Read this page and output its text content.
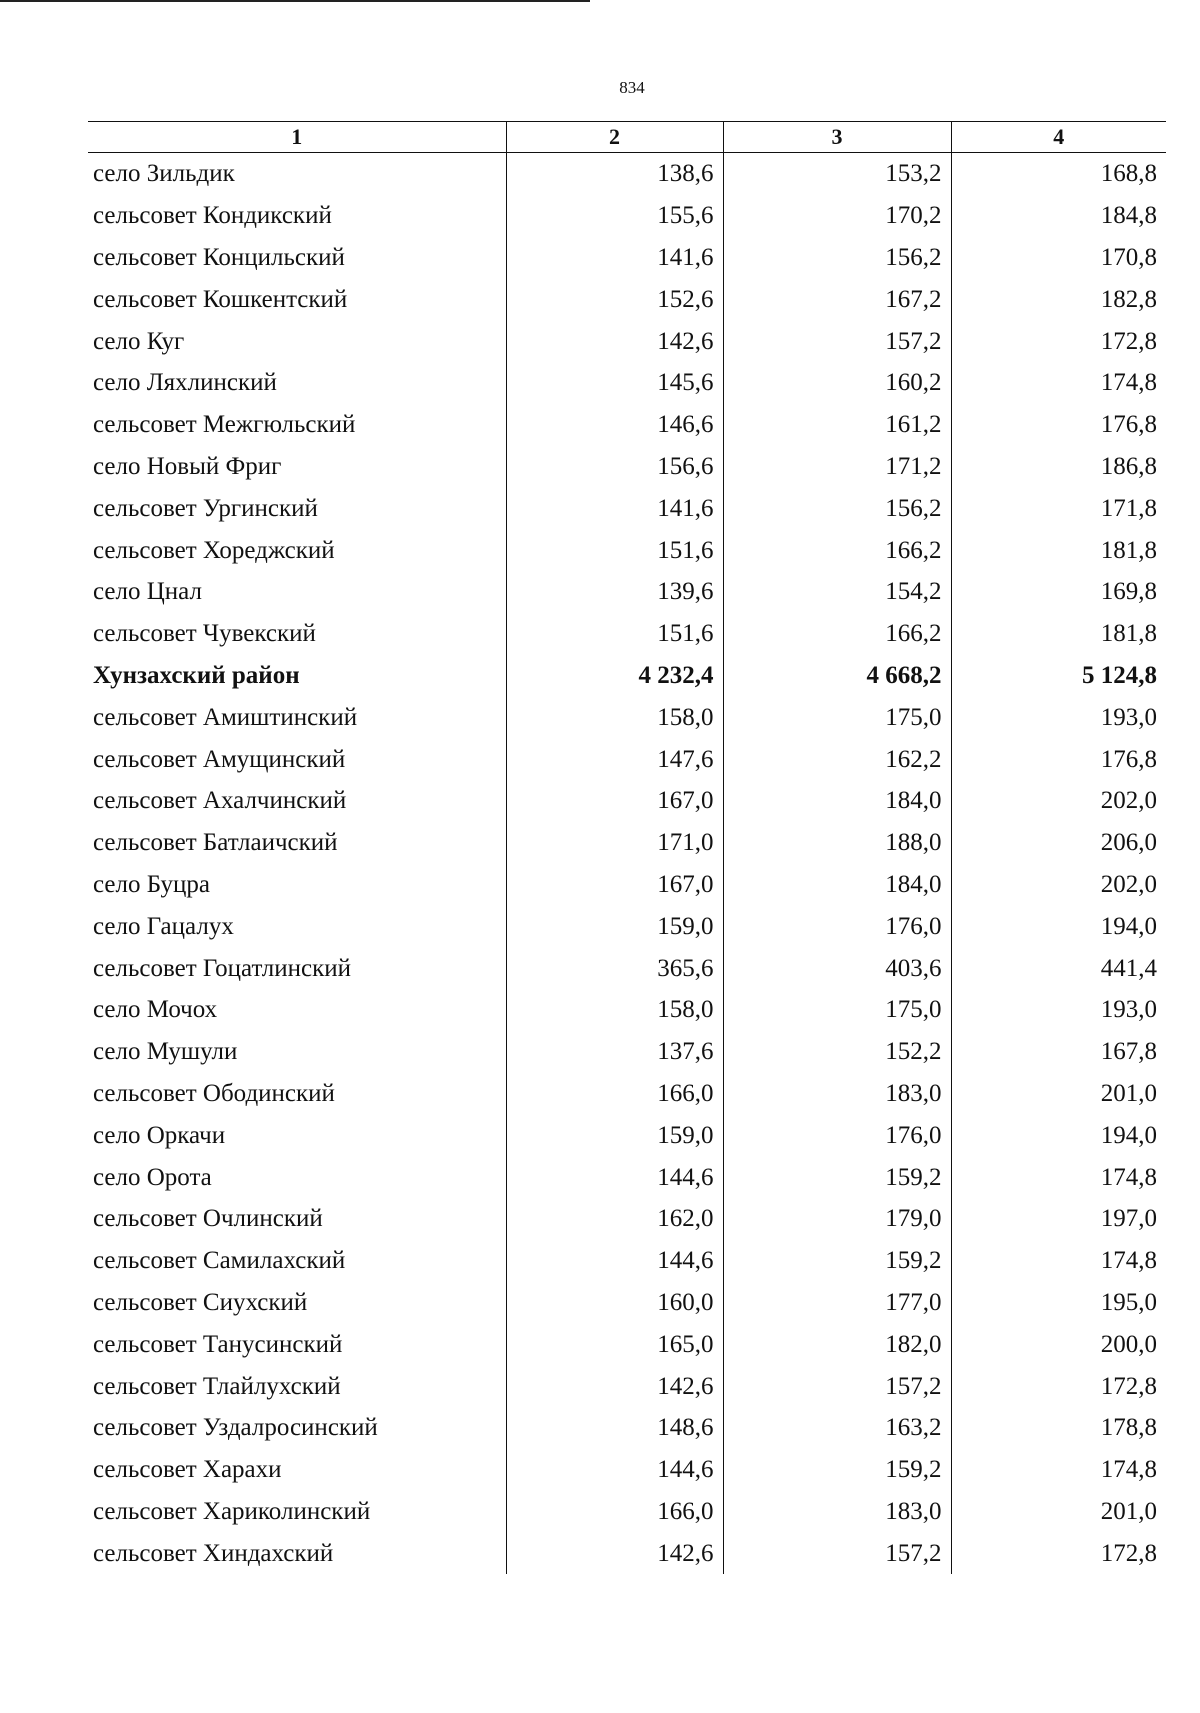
834
1	2	3	4
село Зильдик	138,6	153,2	168,8
сельсовет Кондикский	155,6	170,2	184,8
сельсовет Концильский	141,6	156,2	170,8
сельсовет Кошкентский	152,6	167,2	182,8
село Куг	142,6	157,2	172,8
село Ляхлинский	145,6	160,2	174,8
сельсовет Межгюльский	146,6	161,2	176,8
село Новый Фриг	156,6	171,2	186,8
сельсовет Ургинский	141,6	156,2	171,8
сельсовет Хореджский	151,6	166,2	181,8
село Цнал	139,6	154,2	169,8
сельсовет Чувекский	151,6	166,2	181,8
Хунзахский район	4 232,4	4 668,2	5 124,8
сельсовет Амиштинский	158,0	175,0	193,0
сельсовет Амущинский	147,6	162,2	176,8
сельсовет Ахалчинский	167,0	184,0	202,0
сельсовет Батлаичский	171,0	188,0	206,0
село Буцра	167,0	184,0	202,0
село Гацалух	159,0	176,0	194,0
сельсовет Гоцатлинский	365,6	403,6	441,4
село Мочох	158,0	175,0	193,0
село Мушули	137,6	152,2	167,8
сельсовет Ободинский	166,0	183,0	201,0
село Оркачи	159,0	176,0	194,0
село Орота	144,6	159,2	174,8
сельсовет Очлинский	162,0	179,0	197,0
сельсовет Самилахский	144,6	159,2	174,8
сельсовет Сиухский	160,0	177,0	195,0
сельсовет Танусинский	165,0	182,0	200,0
сельсовет Тлайлухский	142,6	157,2	172,8
сельсовет Уздалросинский	148,6	163,2	178,8
сельсовет Харахи	144,6	159,2	174,8
сельсовет Хариколинский	166,0	183,0	201,0
сельсовет Хиндахский	142,6	157,2	172,8
